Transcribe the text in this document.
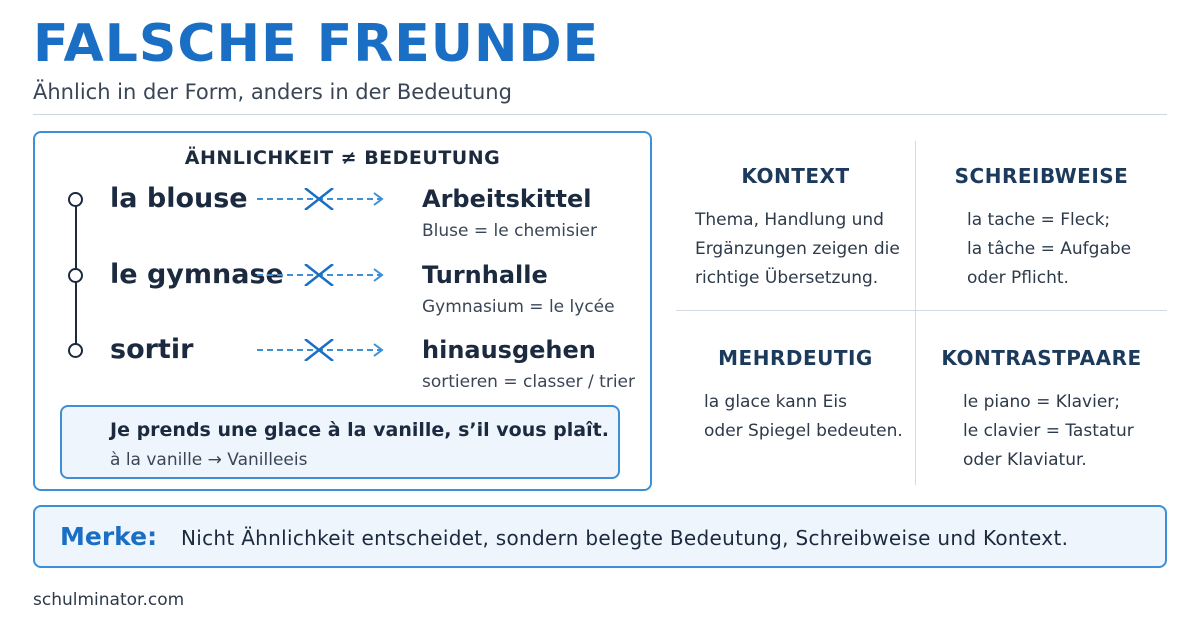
FALSCHE FREUNDE
Ähnlich in der Form, anders in der Bedeutung
ÄHNLICHKEIT ≠ BEDEUTUNG
la blouse	Arbeitskittel
Bluse = le chemisier
le gymnase	Turnhalle
Gymnasium = le lycée
sortir	hinausgehen
sortieren = classer / trier
Je prends une glace à la vanille, s’il vous plaît.
à la vanille → Vanilleeis
KONTEXT
Thema, Handlung und
Ergänzungen zeigen die
richtige Übersetzung.
SCHREIBWEISE
la tache = Fleck;
la tâche = Aufgabe
oder Pflicht.
MEHRDEUTIG
la glace kann Eis
oder Spiegel bedeuten.
KONTRASTPAARE
le piano = Klavier;
le clavier = Tastatur
oder Klaviatur.
Merke: Nicht Ähnlichkeit entscheidet, sondern belegte Bedeutung, Schreibweise und Kontext.
schulminator.com
